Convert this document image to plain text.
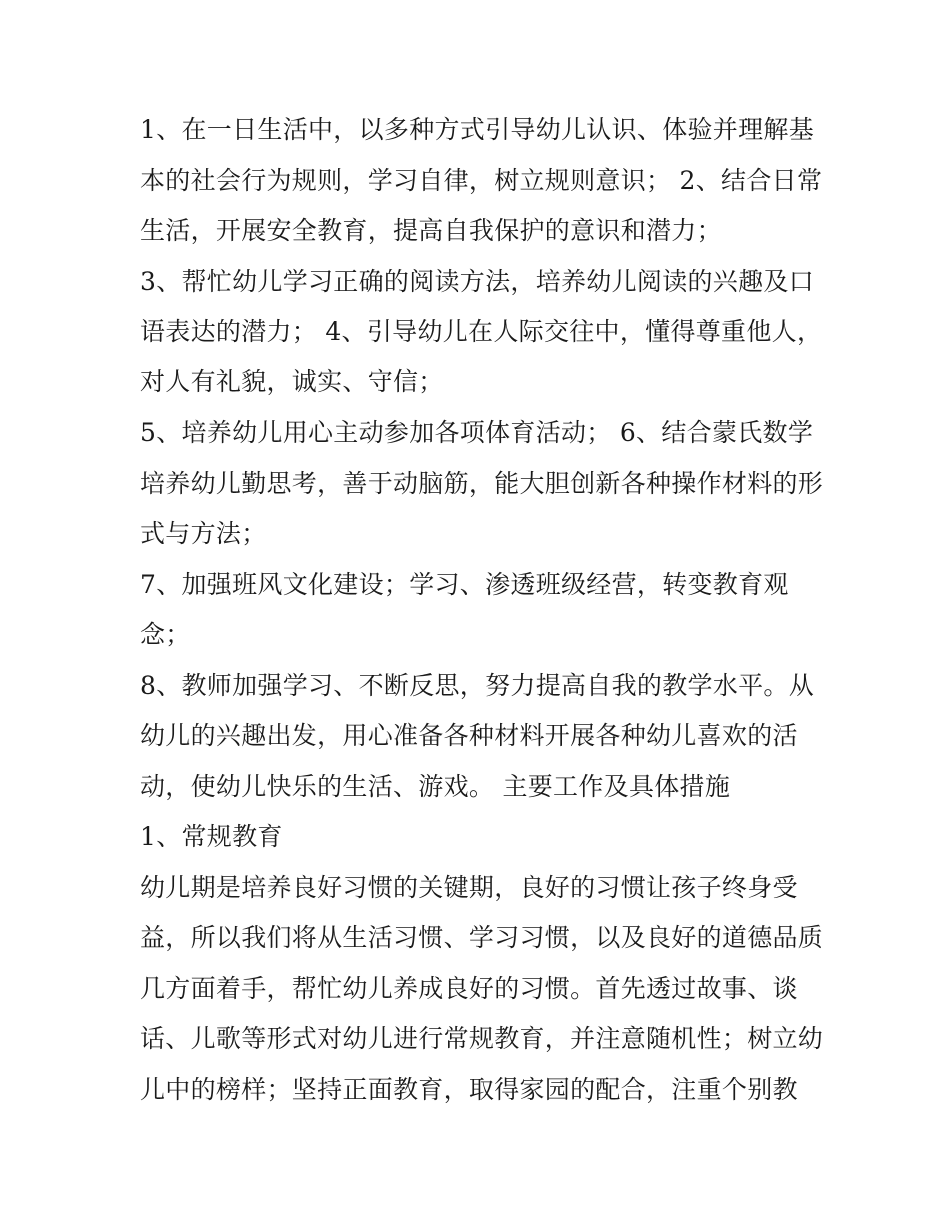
1、在一日生活中，以多种方式引导幼儿认识、体验并理解基
本的社会行为规则，学习自律，树立规则意识； 2、结合日常
生活，开展安全教育，提高自我保护的意识和潜力；
3、帮忙幼儿学习正确的阅读方法，培养幼儿阅读的兴趣及口
语表达的潜力； 4、引导幼儿在人际交往中，懂得尊重他人，
对人有礼貌，诚实、守信；
5、培养幼儿用心主动参加各项体育活动； 6、结合蒙氏数学
培养幼儿勤思考，善于动脑筋，能大胆创新各种操作材料的形
式与方法；
7、加强班风文化建设；学习、渗透班级经营，转变教育观
念；
8、教师加强学习、不断反思，努力提高自我的教学水平。从
幼儿的兴趣出发，用心准备各种材料开展各种幼儿喜欢的活
动，使幼儿快乐的生活、游戏。 主要工作及具体措施
1、常规教育
幼儿期是培养良好习惯的关键期，良好的习惯让孩子终身受
益，所以我们将从生活习惯、学习习惯，以及良好的道德品质
几方面着手，帮忙幼儿养成良好的习惯。首先透过故事、谈
话、儿歌等形式对幼儿进行常规教育，并注意随机性；树立幼
儿中的榜样；坚持正面教育，取得家园的配合，注重个别教
